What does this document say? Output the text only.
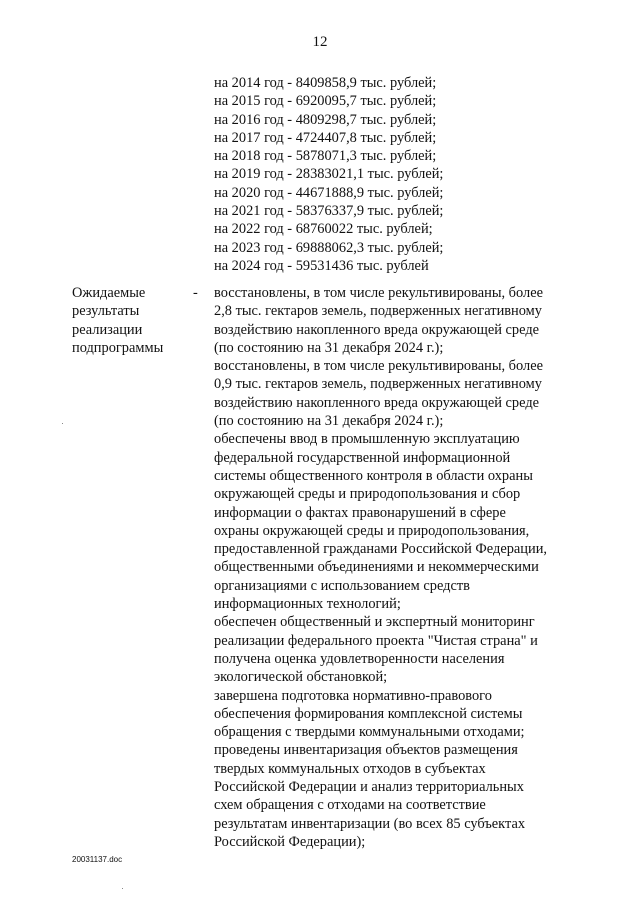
12
на 2014 год - 8409858,9 тыс. рублей;
на 2015 год - 6920095,7 тыс. рублей;
на 2016 год - 4809298,7 тыс. рублей;
на 2017 год - 4724407,8 тыс. рублей;
на 2018 год - 5878071,3 тыс. рублей;
на 2019 год - 28383021,1 тыс. рублей;
на 2020 год - 44671888,9 тыс. рублей;
на 2021 год - 58376337,9 тыс. рублей;
на 2022 год - 68760022 тыс. рублей;
на 2023 год - 69888062,3 тыс. рублей;
на 2024 год - 59531436 тыс. рублей
Ожидаемые
результаты
реализации
подпрограммы
- восстановлены, в том числе рекультивированы, более
2,8 тыс. гектаров земель, подверженных негативному
воздействию накопленного вреда окружающей среде
(по состоянию на 31 декабря 2024 г.);
восстановлены, в том числе рекультивированы, более
0,9 тыс. гектаров земель, подверженных негативному
воздействию накопленного вреда окружающей среде
(по состоянию на 31 декабря 2024 г.);
обеспечены ввод в промышленную эксплуатацию
федеральной государственной информационной
системы общественного контроля в области охраны
окружающей среды и природопользования и сбор
информации о фактах правонарушений в сфере
охраны окружающей среды и природопользования,
предоставленной гражданами Российской Федерации,
общественными объединениями и некоммерческими
организациями с использованием средств
информационных технологий;
обеспечен общественный и экспертный мониторинг
реализации федерального проекта "Чистая страна" и
получена оценка удовлетворенности населения
экологической обстановкой;
завершена подготовка нормативно-правового
обеспечения формирования комплексной системы
обращения с твердыми коммунальными отходами;
проведены инвентаризация объектов размещения
твердых коммунальных отходов в субъектах
Российской Федерации и анализ территориальных
схем обращения с отходами на соответствие
результатам инвентаризации (во всех 85 субъектах
Российской Федерации);
20031137.doc
